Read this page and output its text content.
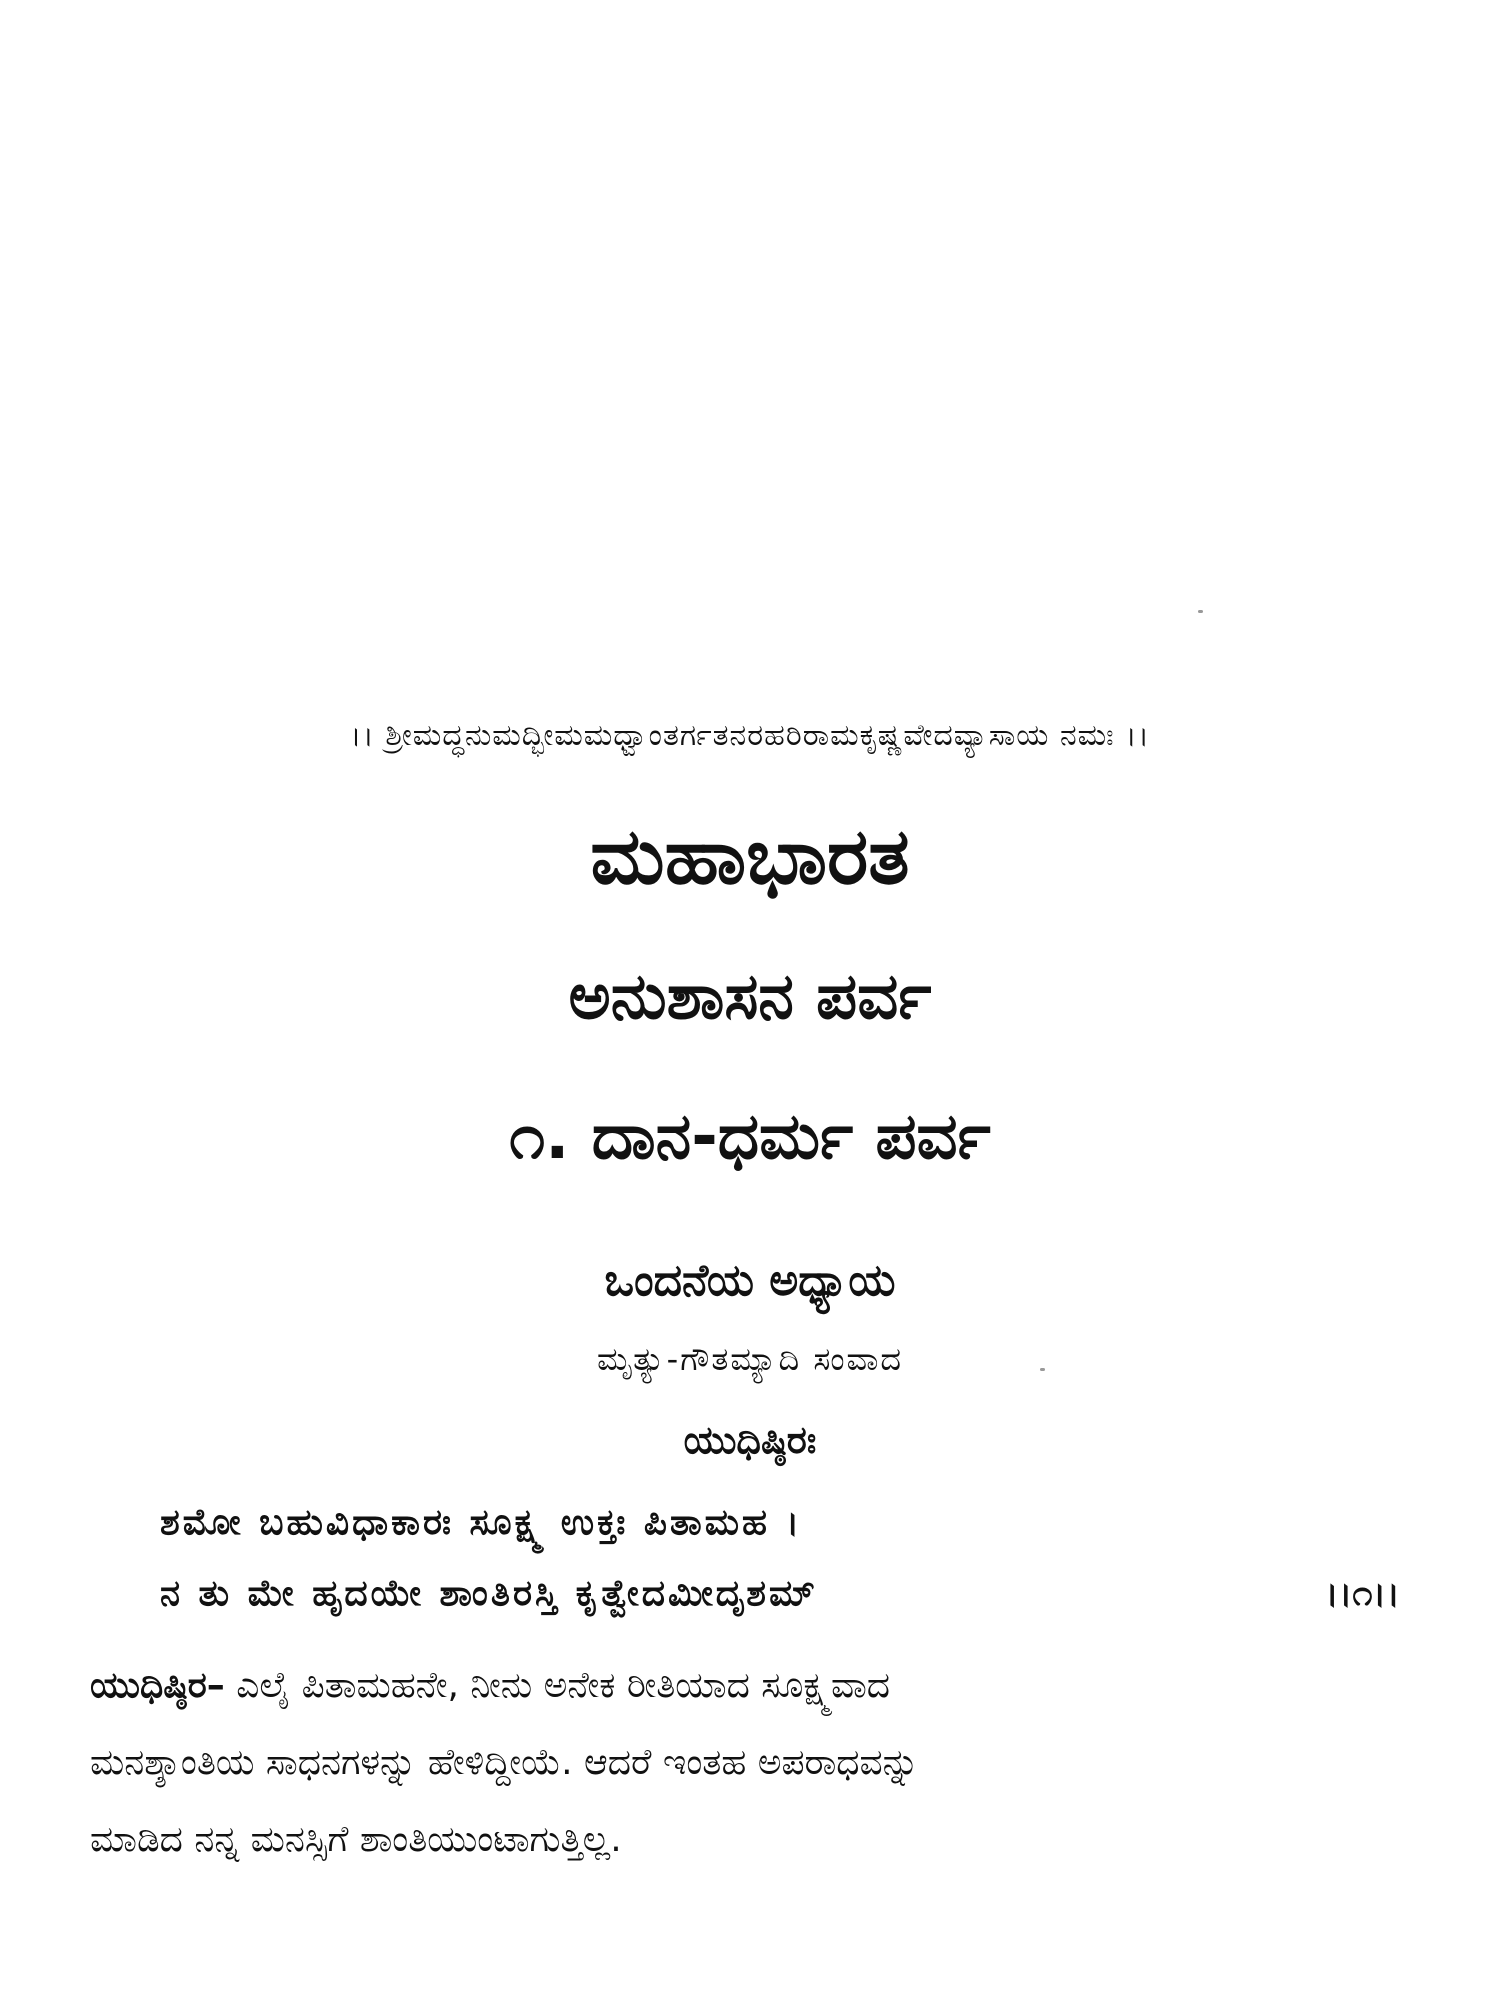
।। ಶ್ರೀಮದ್ಧನುಮದ್ಭೀಮಮಧ್ವಾಂತರ್ಗತನರಹರಿರಾಮಕೃಷ್ಣವೇದವ್ಯಾಸಾಯ ನಮಃ ।।
ಮಹಾಭಾರತ
ಅನುಶಾಸನ ಪರ್ವ
೧. ದಾನ-ಧರ್ಮ ಪರ್ವ
ಒಂದನೆಯ ಅಧ್ಯಾಯ
ಮೃತ್ಯು-ಗೌತಮ್ಯಾದಿ ಸಂವಾದ
ಯುಧಿಷ್ಠಿರಃ
ಶಮೋ ಬಹುವಿಧಾಕಾರಃ ಸೂಕ್ಷ್ಮ ಉಕ್ತಃ ಪಿತಾಮಹ ।
ನ ತು ಮೇ ಹೃದಯೇ ಶಾಂತಿರಸ್ತಿ ಕೃತ್ವೇದಮೀದೃಶಮ್	।।೧।।
ಯುಧಿಷ್ಠಿರ– ಎಲೈ ಪಿತಾಮಹನೇ, ನೀನು ಅನೇಕ ರೀತಿಯಾದ ಸೂಕ್ಷ್ಮವಾದ
ಮನಶ್ಶಾಂತಿಯ ಸಾಧನಗಳನ್ನು ಹೇಳಿದ್ದೀಯೆ. ಆದರೆ ಇಂತಹ ಅಪರಾಧವನ್ನು
ಮಾಡಿದ ನನ್ನ ಮನಸ್ಸಿಗೆ ಶಾಂತಿಯುಂಟಾಗುತ್ತಿಲ್ಲ.
